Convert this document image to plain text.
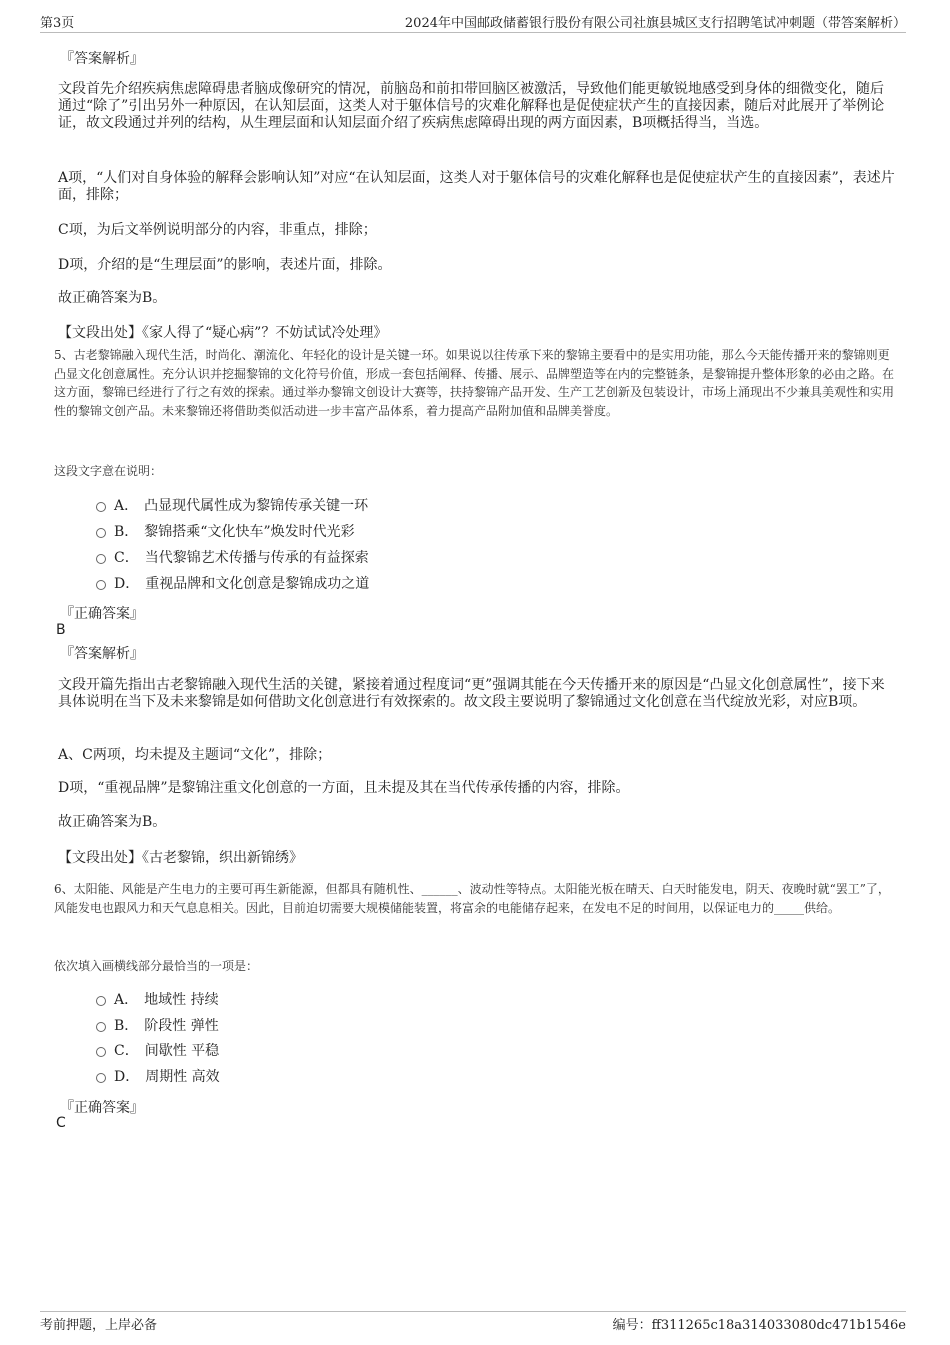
第3页	2024年中国邮政储蓄银行股份有限公司社旗县城区支行招聘笔试冲刺题（带答案解析）

『答案解析』

文段首先介绍疾病焦虑障碍患者脑成像研究的情况，前脑岛和前扣带回脑区被激活，导致他们能更敏锐地感受到身体的细微变化，随后通过“除了”引出另外一种原因，在认知层面，这类人对于躯体信号的灾难化解释也是促使症状产生的直接因素，随后对此展开了举例论证，故文段通过并列的结构，从生理层面和认知层面介绍了疾病焦虑障碍出现的两方面因素，B项概括得当，当选。

A项，“人们对自身体验的解释会影响认知”对应“在认知层面，这类人对于躯体信号的灾难化解释也是促使症状产生的直接因素”，表述片面，排除；

C项，为后文举例说明部分的内容，非重点，排除；

D项，介绍的是“生理层面”的影响，表述片面，排除。

故正确答案为B。

【文段出处】《家人得了“疑心病”？不妨试试冷处理》

5、古老黎锦融入现代生活，时尚化、潮流化、年轻化的设计是关键一环。如果说以往传承下来的黎锦主要看中的是实用功能，那么今天能传播开来的黎锦则更凸显文化创意属性。充分认识并挖掘黎锦的文化符号价值，形成一套包括阐释、传播、展示、品牌塑造等在内的完整链条，是黎锦提升整体形象的必由之路。在这方面，黎锦已经进行了行之有效的探索。通过举办黎锦文创设计大赛等，扶持黎锦产品开发、生产工艺创新及包装设计，市场上涌现出不少兼具美观性和实用性的黎锦文创产品。未来黎锦还将借助类似活动进一步丰富产品体系，着力提高产品附加值和品牌美誉度。

这段文字意在说明：

A． 凸显现代属性成为黎锦传承关键一环
B． 黎锦搭乘“文化快车”焕发时代光彩
C． 当代黎锦艺术传播与传承的有益探索
D． 重视品牌和文化创意是黎锦成功之道

『正确答案』

B

『答案解析』

文段开篇先指出古老黎锦融入现代生活的关键，紧接着通过程度词“更”强调其能在今天传播开来的原因是“凸显文化创意属性”，接下来具体说明在当下及未来黎锦是如何借助文化创意进行有效探索的。故文段主要说明了黎锦通过文化创意在当代绽放光彩，对应B项。

A、C两项，均未提及主题词“文化”，排除；

D项，“重视品牌”是黎锦注重文化创意的一方面，且未提及其在当代传承传播的内容，排除。

故正确答案为B。

【文段出处】《古老黎锦，织出新锦绣》

6、太阳能、风能是产生电力的主要可再生新能源，但都具有随机性、______、波动性等特点。太阳能光板在晴天、白天时能发电，阴天、夜晚时就“罢工”了，风能发电也跟风力和天气息息相关。因此，目前迫切需要大规模储能装置，将富余的电能储存起来，在发电不足的时间用，以保证电力的_____供给。

依次填入画横线部分最恰当的一项是：

A． 地域性 持续
B． 阶段性 弹性
C． 间歇性 平稳
D． 周期性 高效

『正确答案』

C

考前押题，上岸必备	编号：ff311265c18a314033080dc471b1546e
